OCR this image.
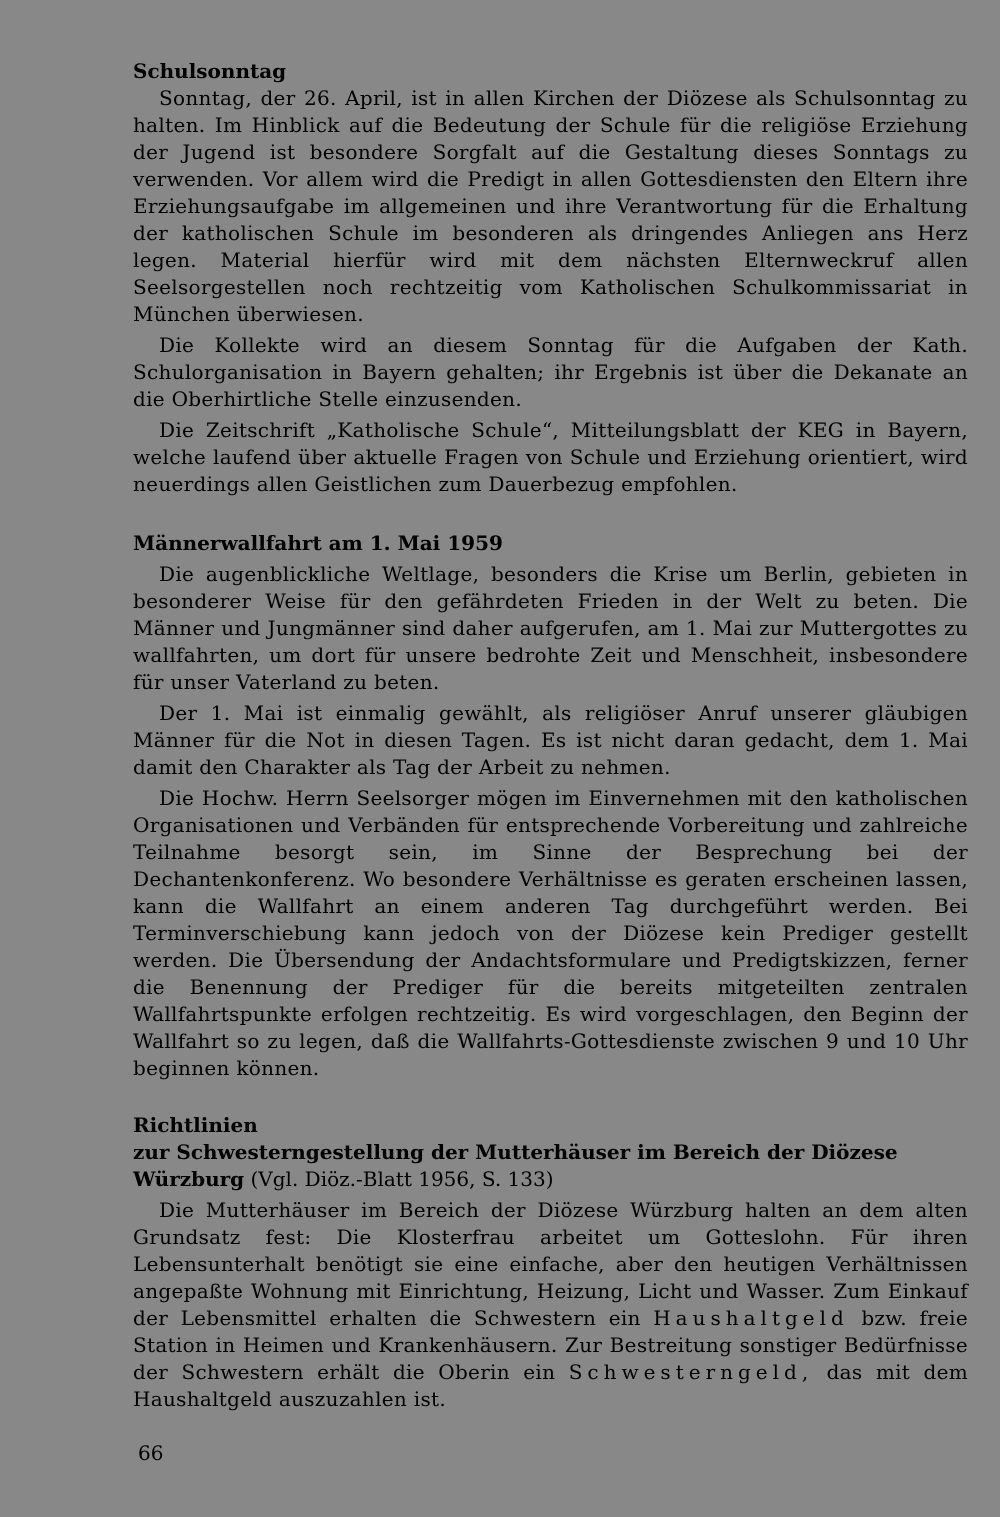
Schulsonntag

Sonntag, der 26. April, ist in allen Kirchen der Diözese als Schulsonntag zu halten. Im Hinblick auf die Bedeutung der Schule für die religiöse Erziehung der Jugend ist besondere Sorgfalt auf die Gestaltung dieses Sonntags zu verwenden. Vor allem wird die Predigt in allen Gottesdiensten den Eltern ihre Erziehungsaufgabe im allgemeinen und ihre Verantwortung für die Erhaltung der katholischen Schule im besonderen als dringendes Anliegen ans Herz legen. Material hierfür wird mit dem nächsten Elternweckruf allen Seelsorgestellen noch rechtzeitig vom Katholischen Schulkommissariat in München überwiesen.

Die Kollekte wird an diesem Sonntag für die Aufgaben der Kath. Schulorganisation in Bayern gehalten; ihr Ergebnis ist über die Dekanate an die Oberhirtliche Stelle einzusenden.

Die Zeitschrift „Katholische Schule“, Mitteilungsblatt der KEG in Bayern, welche laufend über aktuelle Fragen von Schule und Erziehung orientiert, wird neuerdings allen Geistlichen zum Dauerbezug empfohlen.

Männerwallfahrt am 1. Mai 1959

Die augenblickliche Weltlage, besonders die Krise um Berlin, gebieten in besonderer Weise für den gefährdeten Frieden in der Welt zu beten. Die Männer und Jungmänner sind daher aufgerufen, am 1. Mai zur Muttergottes zu wallfahrten, um dort für unsere bedrohte Zeit und Menschheit, insbesondere für unser Vaterland zu beten.

Der 1. Mai ist einmalig gewählt, als religiöser Anruf unserer gläubigen Männer für die Not in diesen Tagen. Es ist nicht daran gedacht, dem 1. Mai damit den Charakter als Tag der Arbeit zu nehmen.

Die Hochw. Herrn Seelsorger mögen im Einvernehmen mit den katholischen Organisationen und Verbänden für entsprechende Vorbereitung und zahlreiche Teilnahme besorgt sein, im Sinne der Besprechung bei der Dechantenkonferenz. Wo besondere Verhältnisse es geraten erscheinen lassen, kann die Wallfahrt an einem anderen Tag durchgeführt werden. Bei Terminverschiebung kann jedoch von der Diözese kein Prediger gestellt werden. Die Übersendung der Andachtsformulare und Predigtskizzen, ferner die Benennung der Prediger für die bereits mitgeteilten zentralen Wallfahrtspunkte erfolgen rechtzeitig. Es wird vorgeschlagen, den Beginn der Wallfahrt so zu legen, daß die Wallfahrts-Gottesdienste zwischen 9 und 10 Uhr beginnen können.

Richtlinien

zur Schwesterngestellung der Mutterhäuser im Bereich der Diözese

Würzburg (Vgl. Diöz.-Blatt 1956, S. 133)

Die Mutterhäuser im Bereich der Diözese Würzburg halten an dem alten Grundsatz fest: Die Klosterfrau arbeitet um Gotteslohn. Für ihren Lebensunterhalt benötigt sie eine einfache, aber den heutigen Verhältnissen angepaßte Wohnung mit Einrichtung, Heizung, Licht und Wasser. Zum Einkauf der Lebensmittel erhalten die Schwestern ein Haushaltgeld bzw. freie Station in Heimen und Krankenhäusern. Zur Bestreitung sonstiger Bedürfnisse der Schwestern erhält die Oberin ein Schwesterngeld, das mit dem Haushaltgeld auszuzahlen ist.

66
